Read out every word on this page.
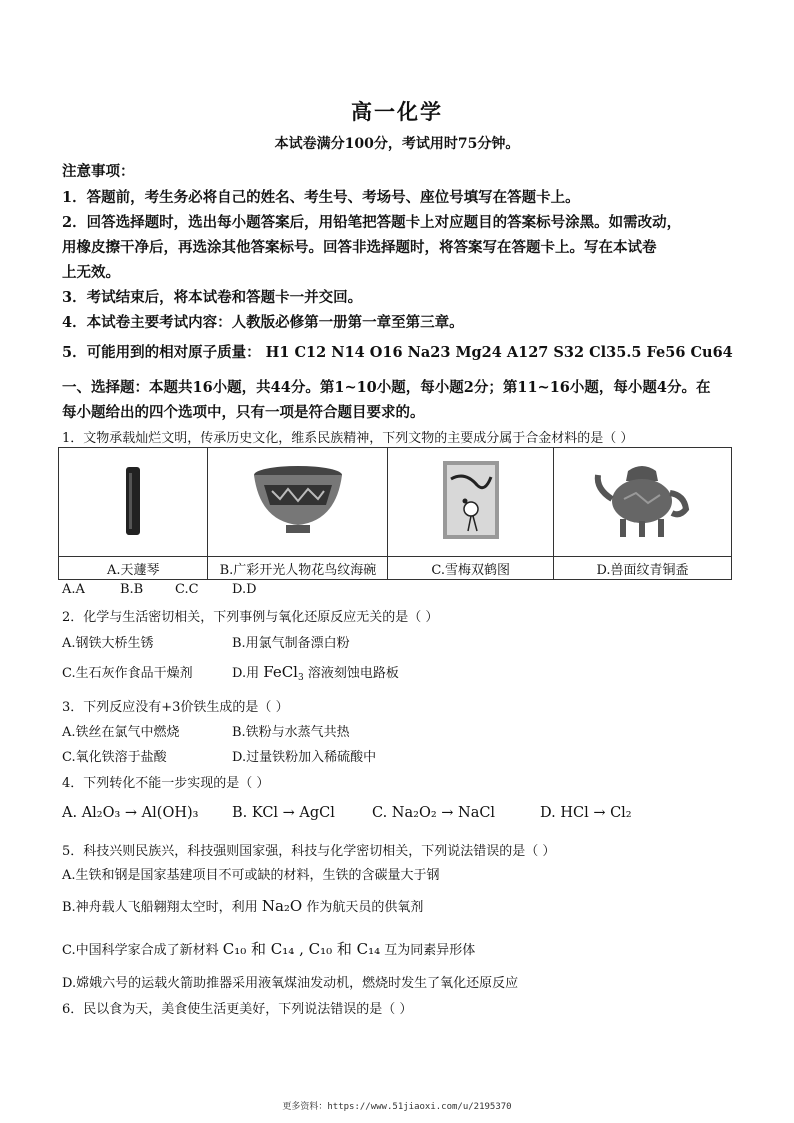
高一化学
本试卷满分100分，考试用时75分钟。
注意事项：
1．答题前，考生务必将自己的姓名、考生号、考场号、座位号填写在答题卡上。
2．回答选择题时，选出每小题答案后，用铅笔把答题卡上对应题目的答案标号涂黑。如需改动，
用橡皮擦干净后，再选涂其他答案标号。回答非选择题时，将答案写在答题卡上。写在本试卷
上无效。
3．考试结束后，将本试卷和答题卡一并交回。
4．本试卷主要考试内容：人教版必修第一册第一章至第三章。
5．可能用到的相对原子质量： H1 C12 N14 O16 Na23 Mg24 A127 S32 Cl35.5 Fe56 Cu64
一、选择题：本题共16小题，共44分。第1~10小题，每小题2分；第11~16小题，每小题4分。在
每小题给出的四个选项中，只有一项是符合题目要求的。
1．文物承载灿烂文明，传承历史文化，维系民族精神，下列文物的主要成分属于合金材料的是（ ）

A.天蘧琴	B.广彩开光人物花鸟纹海碗	C.雪梅双鹤图	D.兽面纹青铜盉
A.A	B.B C.C	D.D
2．化学与生活密切相关，下列事例与氧化还原反应无关的是（ ）
A.钢铁大桥生锈	B.用氯气制备漂白粉
C.生石灰作食品干燥剂	D.用 FeCl$_3$ 溶液刻蚀电路板
3．下列反应没有+3价铁生成的是（ ）
A.铁丝在氯气中燃烧	B.铁粉与水蒸气共热
C.氧化铁溶于盐酸	D.过量铁粉加入稀硫酸中
4．下列转化不能一步实现的是（ ）
A. Al₂O₃ → Al(OH)₃ B. KCl → AgCl	C. Na₂O₂ → NaCl	D. HCl → Cl₂
5．科技兴则民族兴，科技强则国家强，科技与化学密切相关，下列说法错误的是（ ）
A.生铁和钢是国家基建项目不可或缺的材料，生铁的含碳量大于钢
B.神舟载人飞船翱翔太空时，利用 Na₂O 作为航天员的供氧剂
C.中国科学家合成了新材料 C₁₀ 和 C₁₄ , C₁₀ 和 C₁₄ 互为同素异形体
D.嫦娥六号的运载火箭助推器采用液氧煤油发动机，燃烧时发生了氧化还原反应
6．民以食为天，美食使生活更美好，下列说法错误的是（ ）
更多资料：https://www.51jiaoxi.com/u/2195370
